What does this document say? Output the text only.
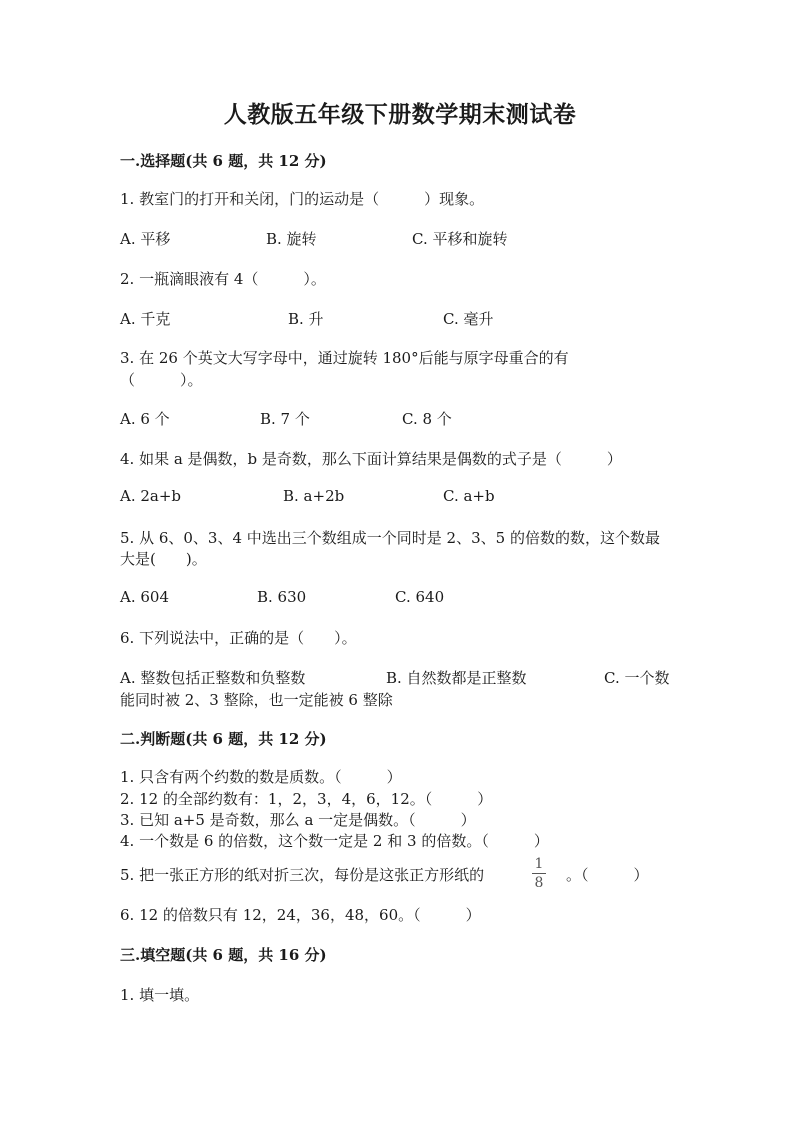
人教版五年级下册数学期末测试卷
一.选择题(共 6 题，共 12 分)
1. 教室门的打开和关闭，门的运动是（　　　）现象。
A. 平移	B. 旋转	C. 平移和旋转
2. 一瓶滴眼液有 4（　　　）。
A. 千克	B. 升	C. 毫升
3. 在 26 个英文大写字母中，通过旋转 180°后能与原字母重合的有
（　　　）。
A. 6 个	B. 7 个	C. 8 个
4. 如果 a 是偶数，b 是奇数，那么下面计算结果是偶数的式子是（　　　）
A. 2a+b	B. a+2b	C. a+b
5. 从 6、0、3、4 中选出三个数组成一个同时是 2、3、5 的倍数的数，这个数最
大是(　　)。
A. 604	B. 630	C. 640
6. 下列说法中，正确的是（　　）。
A. 整数包括正整数和负整数	B. 自然数都是正整数	C. 一个数
能同时被 2、3 整除，也一定能被 6 整除
二.判断题(共 6 题，共 12 分)
1. 只含有两个约数的数是质数。（　　　）
2. 12 的全部约数有：1，2，3，4，6，12。（　　　）
3. 已知 a+5 是奇数，那么 a 一定是偶数。（　　　）
4. 一个数是 6 的倍数，这个数一定是 2 和 3 的倍数。（　　　）
5. 把一张正方形的纸对折三次，每份是这张正方形纸的
1
8 。（　　　）
6. 12 的倍数只有 12，24，36，48，60。（　　　）
三.填空题(共 6 题，共 16 分)
1. 填一填。
